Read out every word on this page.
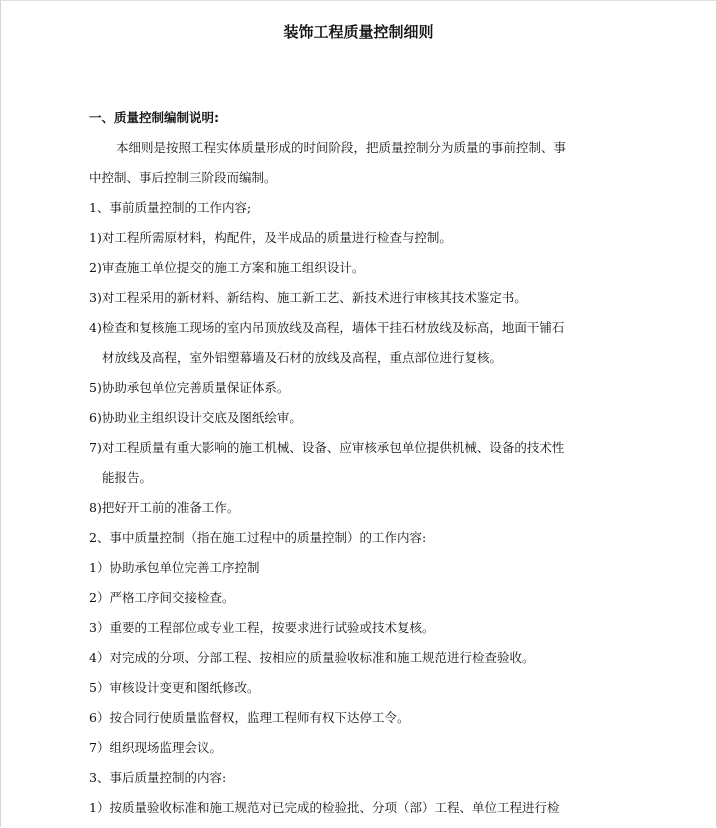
装饰工程质量控制细则
一、质量控制编制说明:
本细则是按照工程实体质量形成的时间阶段，把质量控制分为质量的事前控制、事
中控制、事后控制三阶段而编制。
1、事前质量控制的工作内容;
1)对工程所需原材料，构配件，及半成品的质量进行检查与控制。
2)审查施工单位提交的施工方案和施工组织设计。
3)对工程采用的新材料、新结构、施工新工艺、新技术进行审核其技术鉴定书。
4)检查和复核施工现场的室内吊顶放线及高程，墙体干挂石材放线及标高，地面干铺石
材放线及高程，室外铝塑幕墙及石材的放线及高程，重点部位进行复核。
5)协助承包单位完善质量保证体系。
6)协助业主组织设计交底及图纸绘审。
7)对工程质量有重大影响的施工机械、设备、应审核承包单位提供机械、设备的技术性
能报告。
8)把好开工前的准备工作。
2、事中质量控制（指在施工过程中的质量控制）的工作内容:
1）协助承包单位完善工序控制
2）严格工序间交接检查。
3）重要的工程部位或专业工程，按要求进行试验或技术复核。
4）对完成的分项、分部工程、按相应的质量验收标准和施工规范进行检查验收。
5）审核设计变更和图纸修改。
6）按合同行使质量监督权，监理工程师有权下达停工令。
7）组织现场监理会议。
3、事后质量控制的内容:
1）按质量验收标准和施工规范对已完成的检验批、分项（部）工程、单位工程进行检
